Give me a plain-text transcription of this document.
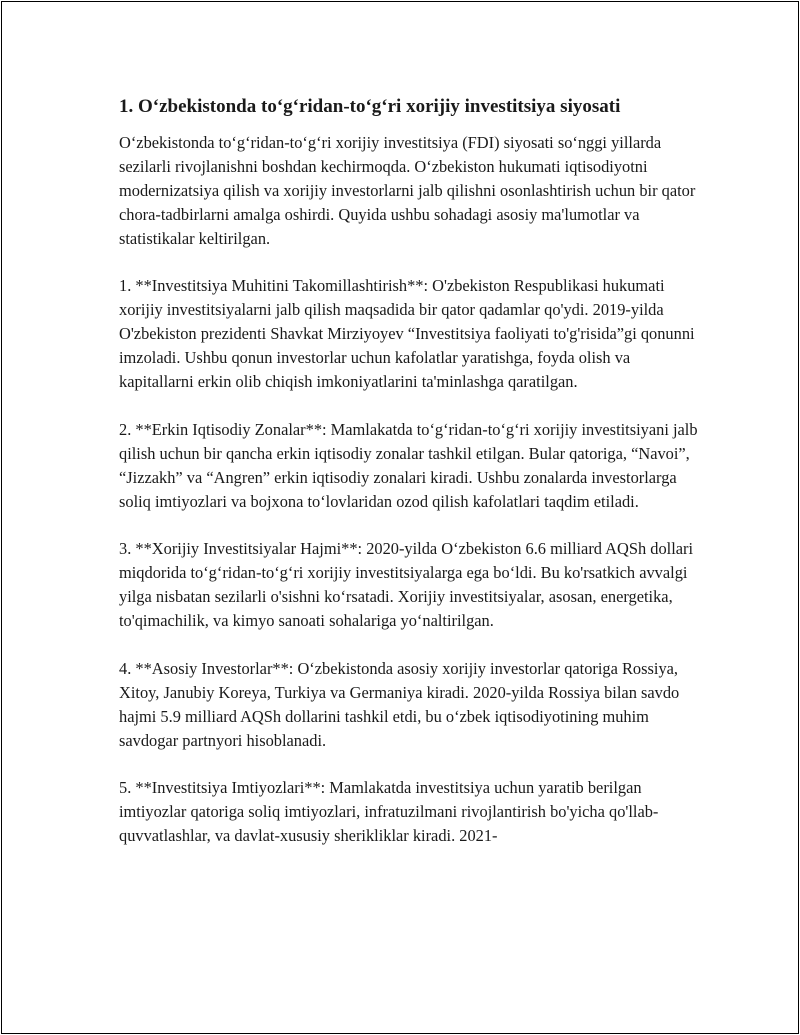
1. O‘zbekistonda to‘g‘ridan-to‘g‘ri xorijiy investitsiya siyosati

O‘zbekistonda to‘g‘ridan-to‘g‘ri xorijiy investitsiya (FDI) siyosati so‘nggi yillarda sezilarli rivojlanishni boshdan kechirmoqda. O‘zbekiston hukumati iqtisodiyotni modernizatsiya qilish va xorijiy investorlarni jalb qilishni osonlashtirish uchun bir qator chora-tadbirlarni amalga oshirdi. Quyida ushbu sohadagi asosiy ma'lumotlar va statistikalar keltirilgan.

1. **Investitsiya Muhitini Takomillashtirish**: O'zbekiston Respublikasi hukumati xorijiy investitsiyalarni jalb qilish maqsadida bir qator qadamlar qo'ydi. 2019-yilda O'zbekiston prezidenti Shavkat Mirziyoyev “Investitsiya faoliyati to'g'risida”gi qonunni imzoladi. Ushbu qonun investorlar uchun kafolatlar yaratishga, foyda olish va kapitallarni erkin olib chiqish imkoniyatlarini ta'minlashga qaratilgan.

2. **Erkin Iqtisodiy Zonalar**: Mamlakatda to‘g‘ridan-to‘g‘ri xorijiy investitsiyani jalb qilish uchun bir qancha erkin iqtisodiy zonalar tashkil etilgan. Bular qatoriga, “Navoi”, “Jizzakh” va “Angren” erkin iqtisodiy zonalari kiradi. Ushbu zonalarda investorlarga soliq imtiyozlari va bojxona to‘lovlaridan ozod qilish kafolatlari taqdim etiladi.

3. **Xorijiy Investitsiyalar Hajmi**: 2020-yilda O‘zbekiston 6.6 milliard AQSh dollari miqdorida to‘g‘ridan-to‘g‘ri xorijiy investitsiyalarga ega bo‘ldi. Bu ko'rsatkich avvalgi yilga nisbatan sezilarli o'sishni ko‘rsatadi. Xorijiy investitsiyalar, asosan, energetika, to'qimachilik, va kimyo sanoati sohalariga yo‘naltirilgan.

4. **Asosiy Investorlar**: O‘zbekistonda asosiy xorijiy investorlar qatoriga Rossiya, Xitoy, Janubiy Koreya, Turkiya va Germaniya kiradi. 2020-yilda Rossiya bilan savdo hajmi 5.9 milliard AQSh dollarini tashkil etdi, bu o‘zbek iqtisodiyotining muhim savdogar partnyori hisoblanadi.

5. **Investitsiya Imtiyozlari**: Mamlakatda investitsiya uchun yaratib berilgan imtiyozlar qatoriga soliq imtiyozlari, infratuzilmani rivojlantirish bo'yicha qo'llab-quvvatlashlar, va davlat-xususiy sherikliklar kiradi. 2021-
